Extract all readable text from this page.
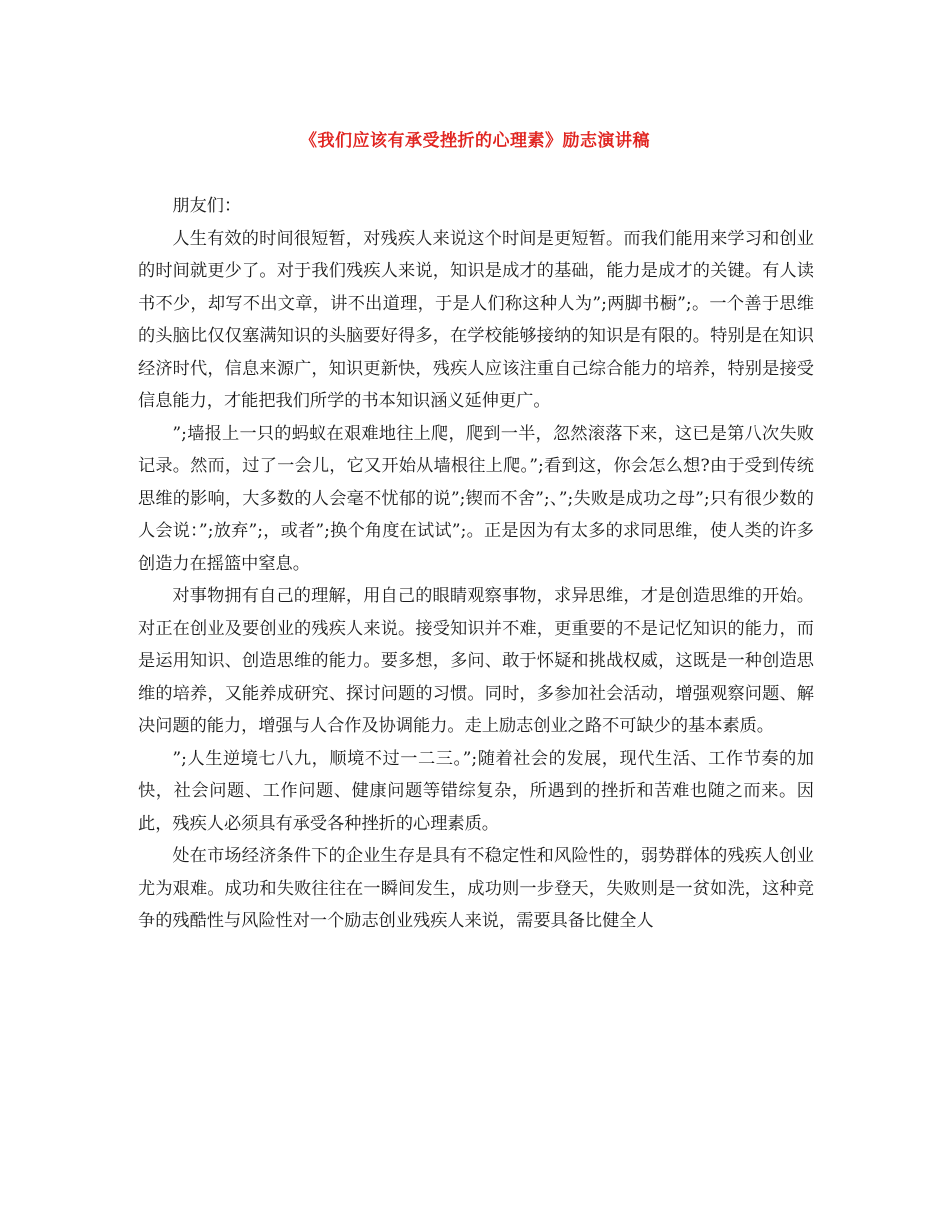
《我们应该有承受挫折的心理素》励志演讲稿

朋友们：

人生有效的时间很短暂，对残疾人来说这个时间是更短暂。而我们能用来学习和创业的时间就更少了。对于我们残疾人来说，知识是成才的基础，能力是成才的关键。有人读书不少，却写不出文章，讲不出道理，于是人们称这种人为”;两脚书橱”;。一个善于思维的头脑比仅仅塞满知识的头脑要好得多，在学校能够接纳的知识是有限的。特别是在知识经济时代，信息来源广，知识更新快，残疾人应该注重自己综合能力的培养，特别是接受信息能力，才能把我们所学的书本知识涵义延伸更广。

”;墙报上一只的蚂蚁在艰难地往上爬，爬到一半，忽然滚落下来，这已是第八次失败记录。然而，过了一会儿，它又开始从墙根往上爬。”;看到这，你会怎么想?由于受到传统思维的影响，大多数的人会毫不忧郁的说”;锲而不舍”;、”;失败是成功之母”;只有很少数的人会说：”;放弃”;，或者”;换个角度在试试”;。正是因为有太多的求同思维，使人类的许多创造力在摇篮中窒息。

对事物拥有自己的理解，用自己的眼睛观察事物，求异思维，才是创造思维的开始。对正在创业及要创业的残疾人来说。接受知识并不难，更重要的不是记忆知识的能力，而是运用知识、创造思维的能力。要多想，多问、敢于怀疑和挑战权威，这既是一种创造思维的培养，又能养成研究、探讨问题的习惯。同时，多参加社会活动，增强观察问题、解决问题的能力，增强与人合作及协调能力。走上励志创业之路不可缺少的基本素质。

”;人生逆境七八九，顺境不过一二三。”;随着社会的发展，现代生活、工作节奏的加快，社会问题、工作问题、健康问题等错综复杂，所遇到的挫折和苦难也随之而来。因此，残疾人必须具有承受各种挫折的心理素质。

处在市场经济条件下的企业生存是具有不稳定性和风险性的，弱势群体的残疾人创业尤为艰难。成功和失败往往在一瞬间发生，成功则一步登天，失败则是一贫如洗，这种竞争的残酷性与风险性对一个励志创业残疾人来说，需要具备比健全人
